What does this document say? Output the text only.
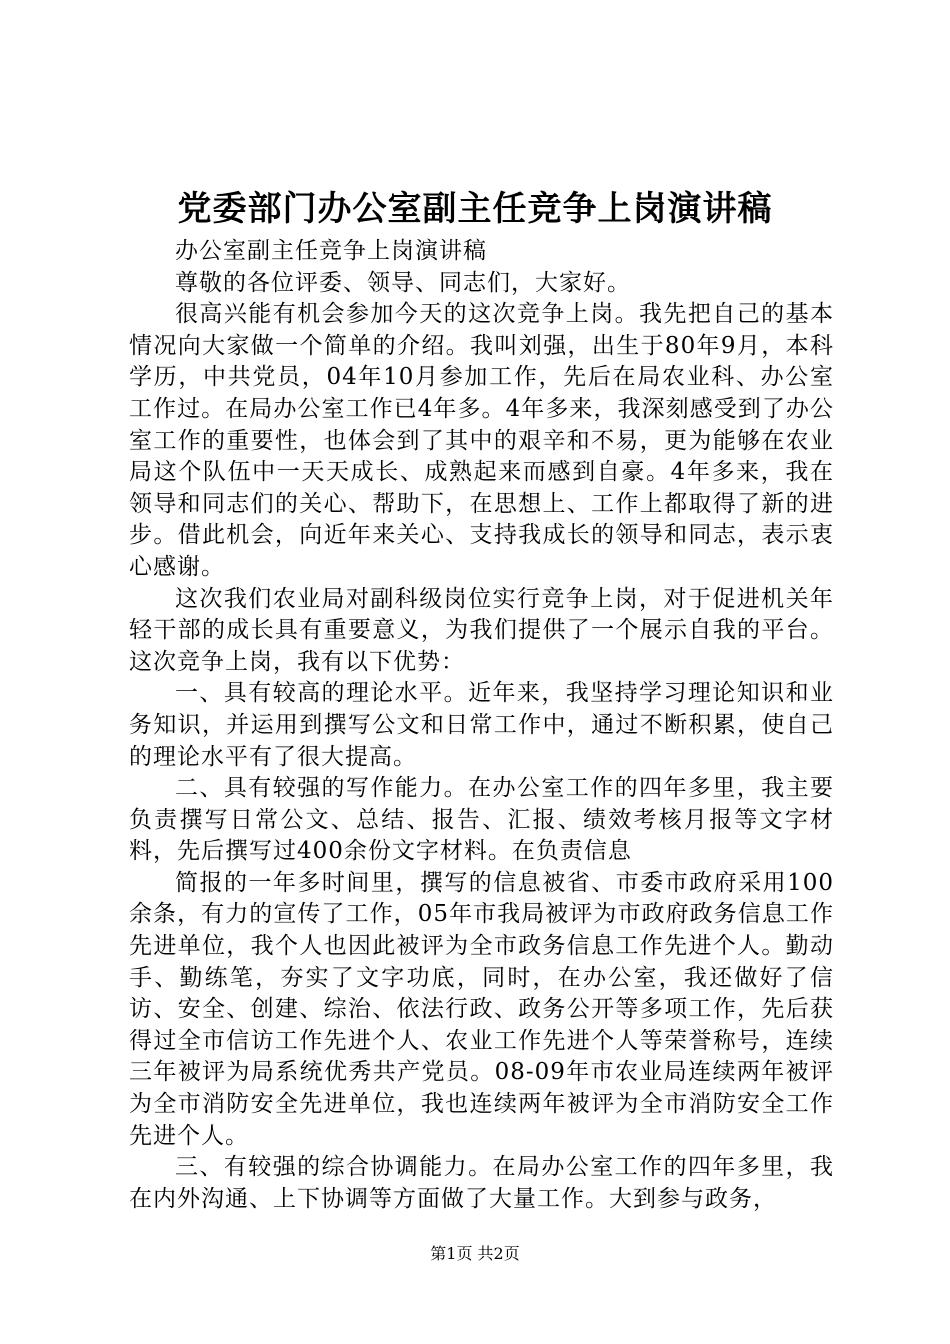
党委部门办公室副主任竞争上岗演讲稿

办公室副主任竞争上岗演讲稿

尊敬的各位评委、领导、同志们，大家好。

很高兴能有机会参加今天的这次竞争上岗。我先把自己的基本情况向大家做一个简单的介绍。我叫刘强，出生于80年9月，本科学历，中共党员，04年10月参加工作，先后在局农业科、办公室工作过。在局办公室工作已4年多。4年多来，我深刻感受到了办公室工作的重要性，也体会到了其中的艰辛和不易，更为能够在农业局这个队伍中一天天成长、成熟起来而感到自豪。4年多来，我在领导和同志们的关心、帮助下，在思想上、工作上都取得了新的进步。借此机会，向近年来关心、支持我成长的领导和同志，表示衷心感谢。

这次我们农业局对副科级岗位实行竞争上岗，对于促进机关年轻干部的成长具有重要意义，为我们提供了一个展示自我的平台。这次竞争上岗，我有以下优势：

一、具有较高的理论水平。近年来，我坚持学习理论知识和业务知识，并运用到撰写公文和日常工作中，通过不断积累，使自己的理论水平有了很大提高。

二、具有较强的写作能力。在办公室工作的四年多里，我主要负责撰写日常公文、总结、报告、汇报、绩效考核月报等文字材料，先后撰写过400余份文字材料。在负责信息

简报的一年多时间里，撰写的信息被省、市委市政府采用100余条，有力的宣传了工作，05年市我局被评为市政府政务信息工作先进单位，我个人也因此被评为全市政务信息工作先进个人。勤动手、勤练笔，夯实了文字功底，同时，在办公室，我还做好了信访、安全、创建、综治、依法行政、政务公开等多项工作，先后获得过全市信访工作先进个人、农业工作先进个人等荣誉称号，连续三年被评为局系统优秀共产党员。08-09年市农业局连续两年被评为全市消防安全先进单位，我也连续两年被评为全市消防安全工作先进个人。

三、有较强的综合协调能力。在局办公室工作的四年多里，我在内外沟通、上下协调等方面做了大量工作。大到参与政务，

第1页 共2页
